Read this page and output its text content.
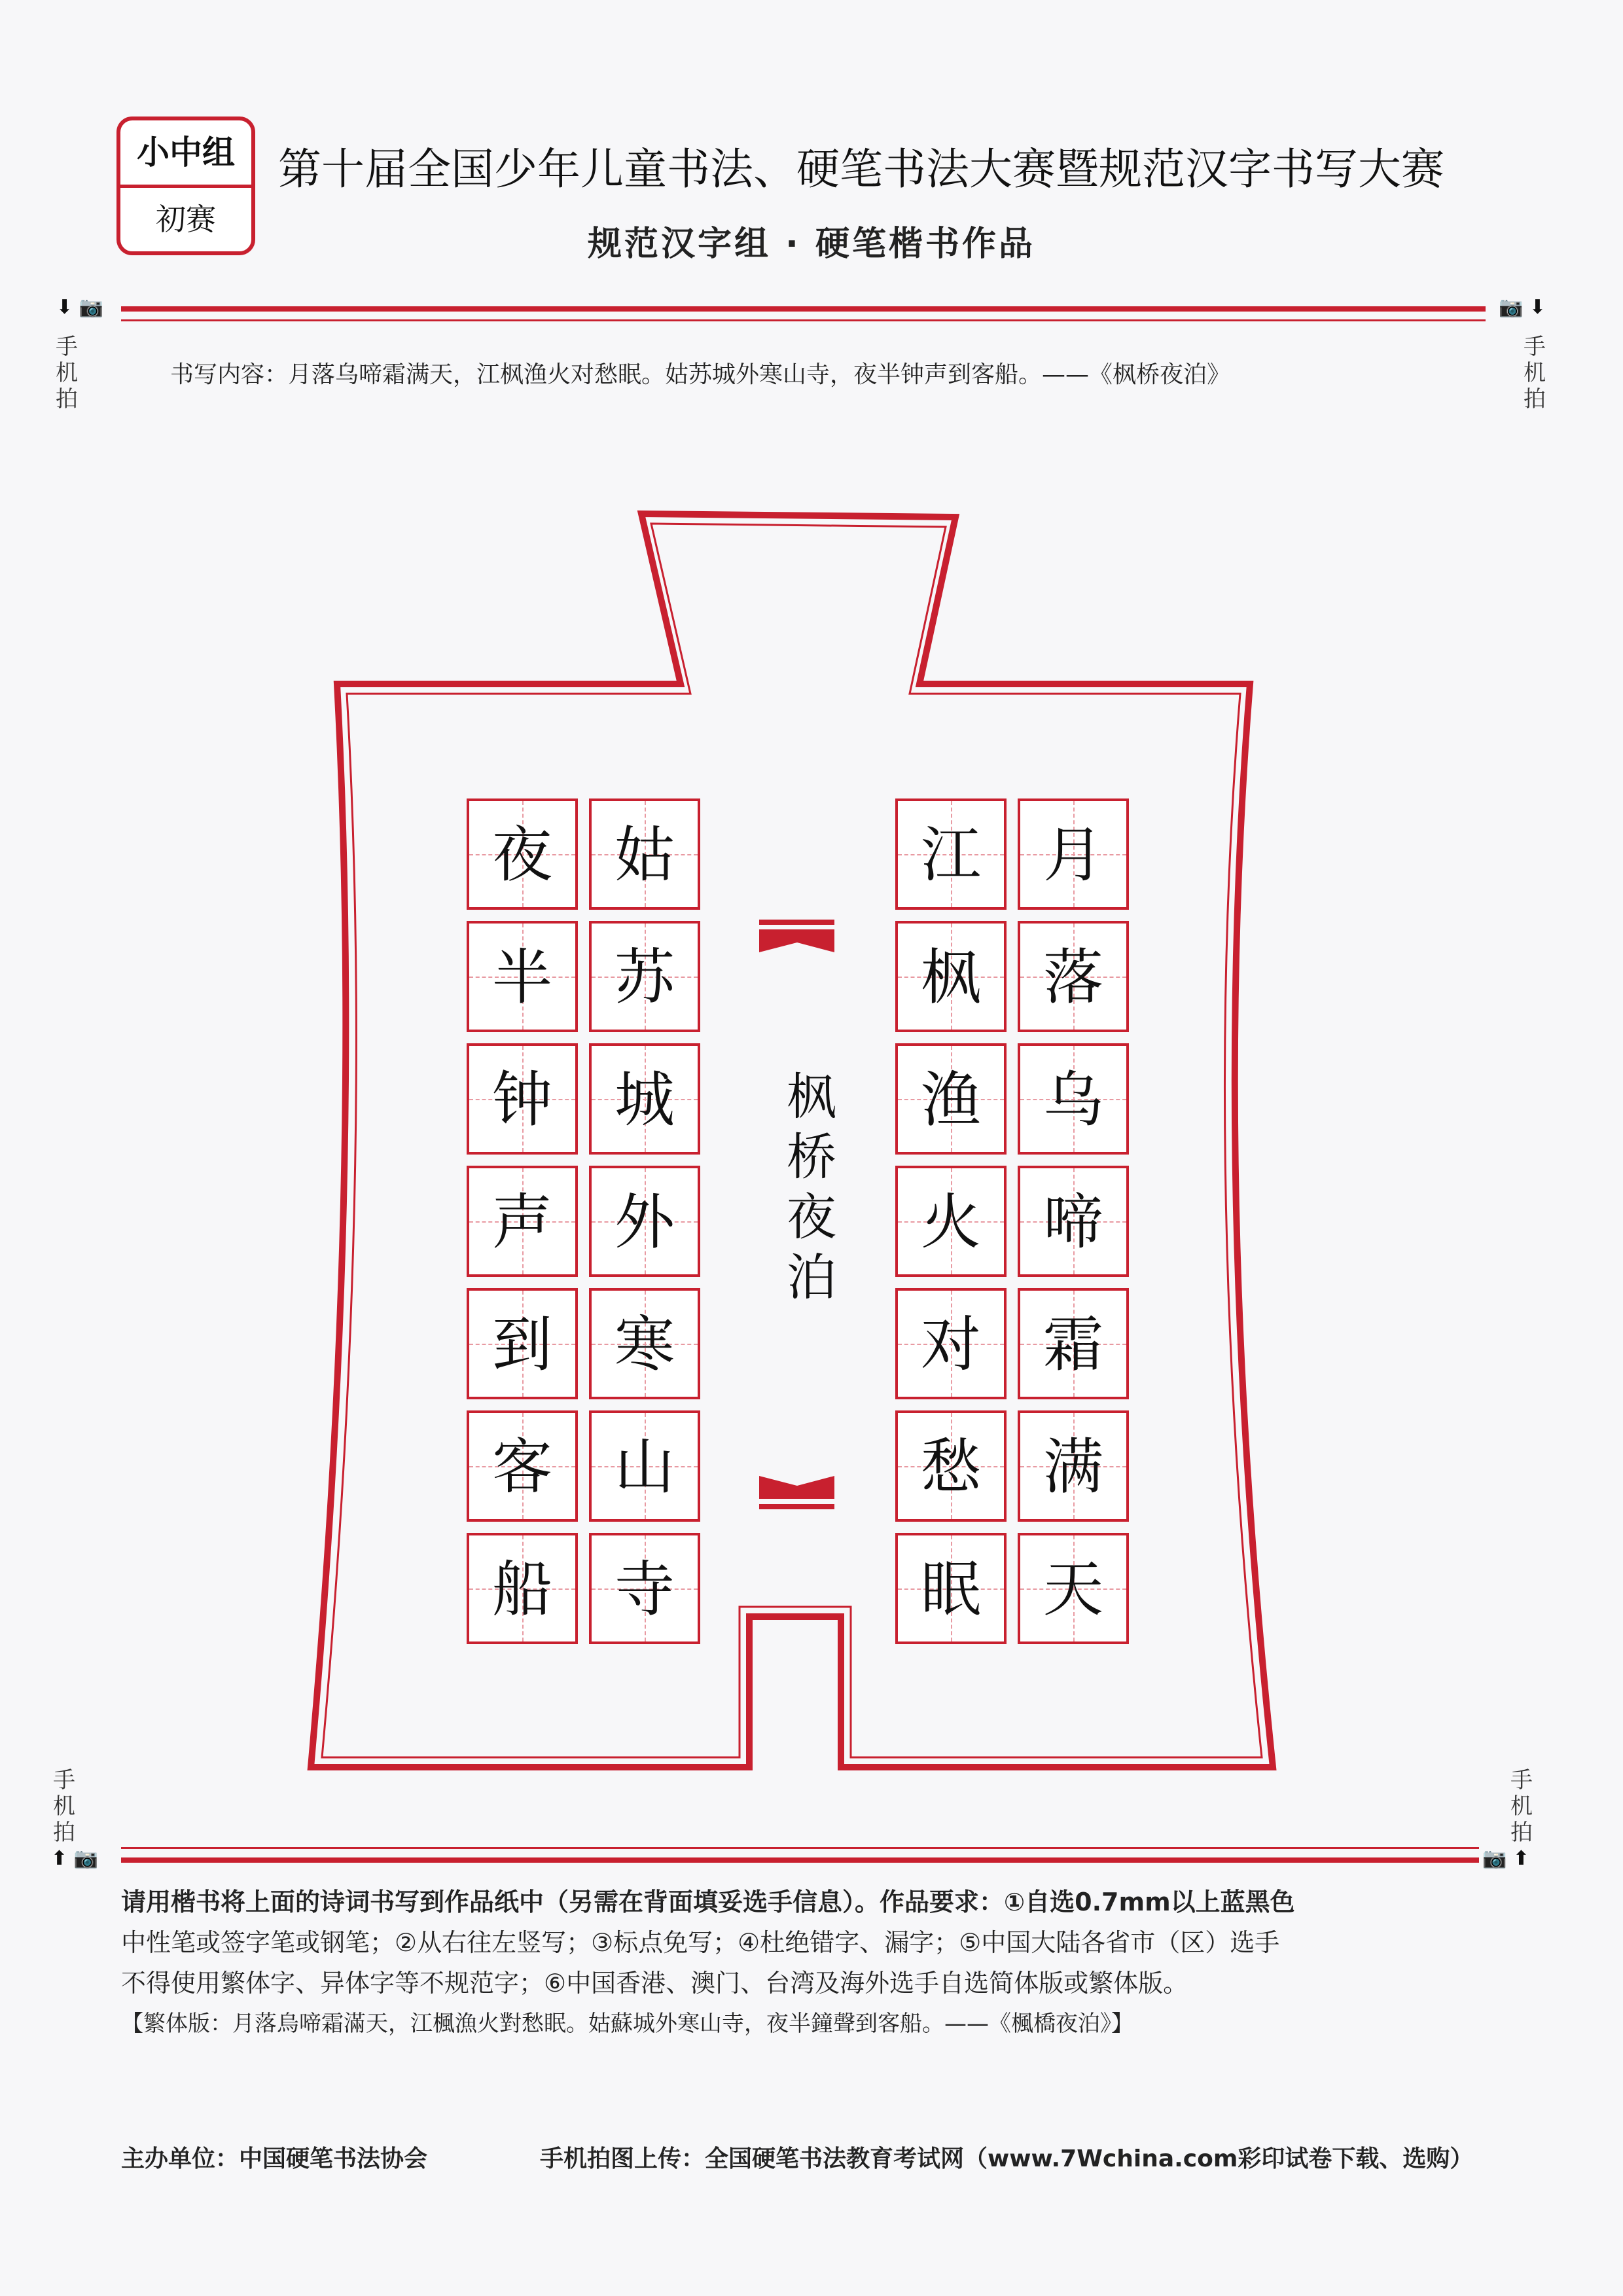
小中组
初赛
第十届全国少年儿童书法、硬笔书法大赛暨规范汉字书写大赛
规范汉字组 · 硬笔楷书作品
⬇ 📷
手机拍
📷 ⬇
手机拍
书写内容：月落乌啼霜满天，江枫渔火对愁眠。姑苏城外寒山寺，夜半钟声到客船。——《枫桥夜泊》
月
落
乌
啼
霜
满
天
江
枫
渔
火
对
愁
眠
姑
苏
城
外
寒
山
寺
夜
半
钟
声
到
客
船
枫
桥
夜
泊
手机拍
⬆ 📷
手机拍
📷 ⬆
请用楷书将上面的诗词书写到作品纸中（另需在背面填妥选手信息）。作品要求：①自选0.7mm以上蓝黑色
中性笔或签字笔或钢笔；②从右往左竖写；③标点免写；④杜绝错字、漏字；⑤中国大陆各省市（区）选手
不得使用繁体字、异体字等不规范字；⑥中国香港、澳门、台湾及海外选手自选简体版或繁体版。
【繁体版：月落烏啼霜滿天，江楓漁火對愁眠。姑蘇城外寒山寺，夜半鐘聲到客船。——《楓橋夜泊》】
主办单位：中国硬笔书法协会	手机拍图上传：全国硬笔书法教育考试网（www.7Wchina.com彩印试卷下载、选购）
